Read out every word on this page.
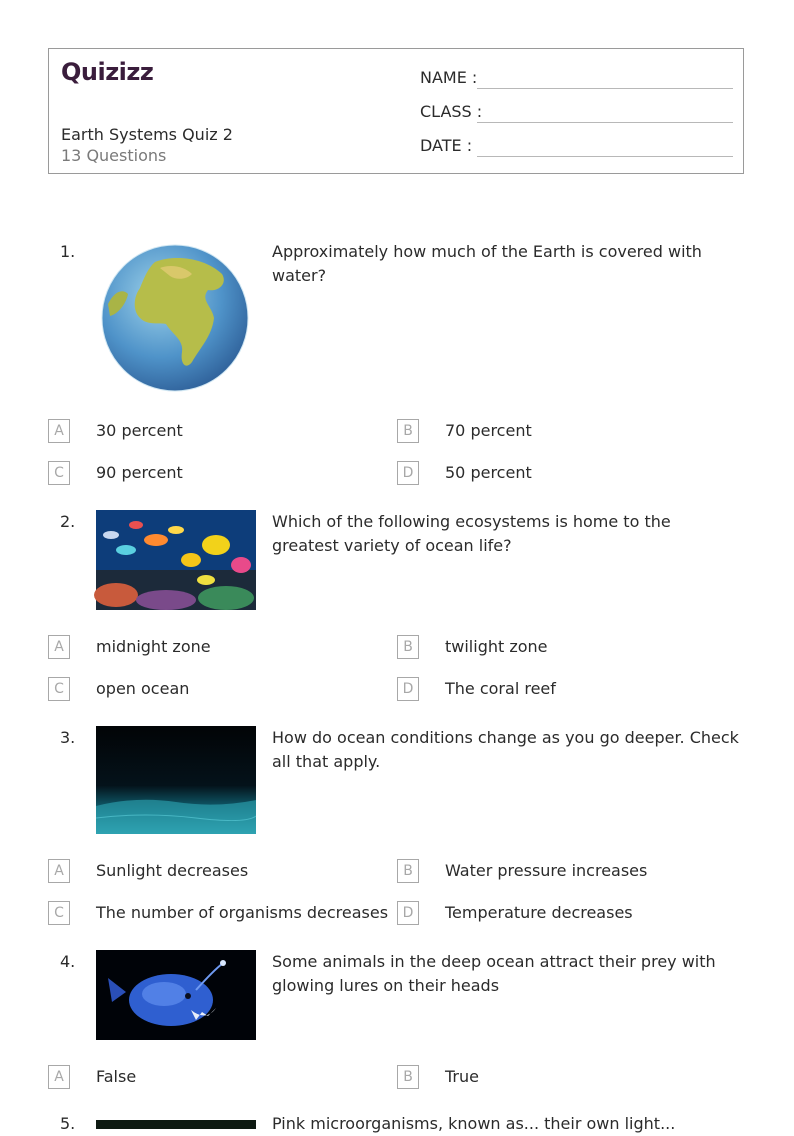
Quizizz
Earth Systems Quiz 2
13 Questions
NAME :
CLASS :
DATE :
1.	Approximately how much of the Earth is covered with water?
A	30 percent	B	70 percent
C	90 percent	D	50 percent
2.	Which of the following ecosystems is home to the greatest variety of ocean life?
A	midnight zone	B	twilight zone
C	open ocean	D	The coral reef
3.	How do ocean conditions change as you go deeper. Check all that apply.
A	Sunlight decreases	B	Water pressure increases
C	The number of organisms decreases	D	Temperature decreases
4.	Some animals in the deep ocean attract their prey with glowing lures on their heads
A	False	B	True
5.	Pink microorganisms, known as... their own light...
